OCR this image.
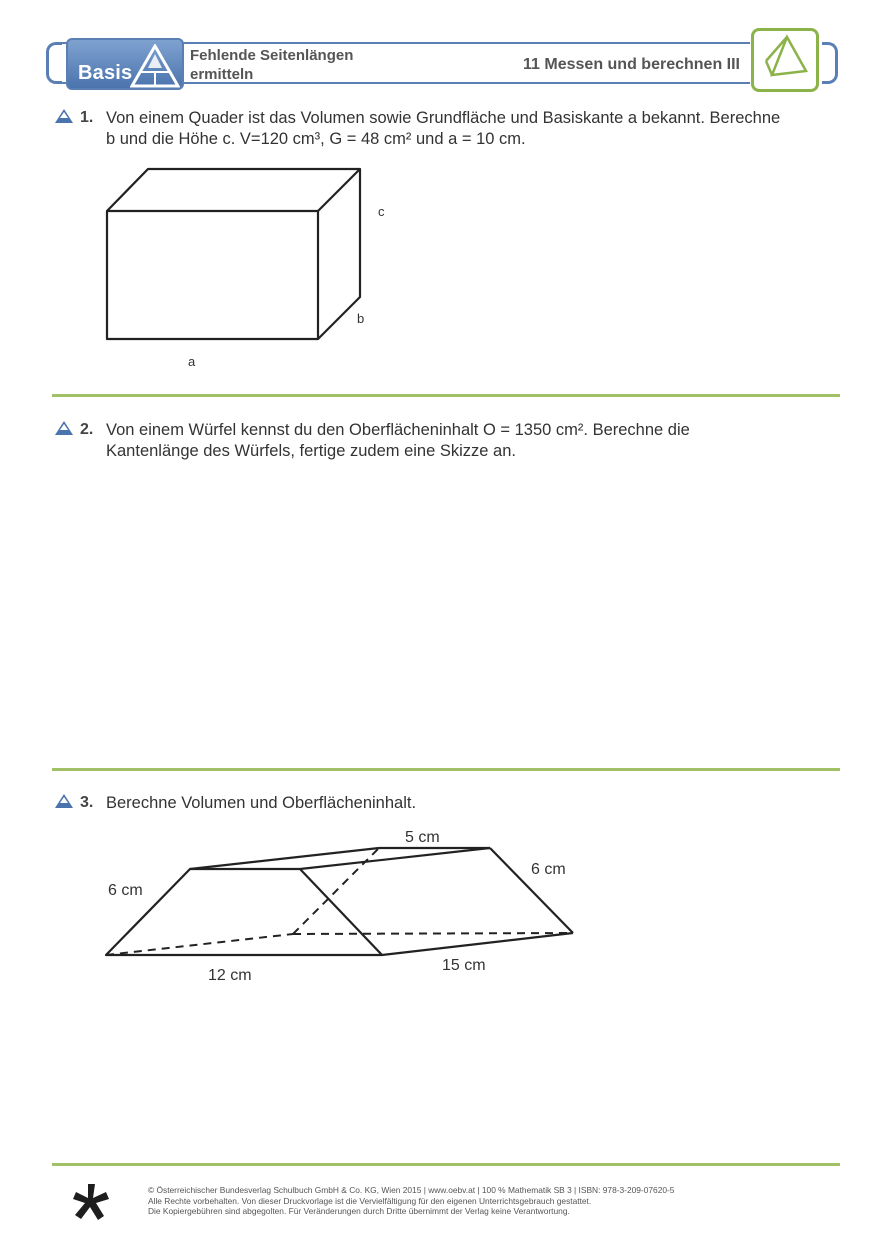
Basis
Fehlende Seitenlängen
ermitteln
11 Messen und berechnen III
1. Von einem Quader ist das Volumen sowie Grundfläche und Basiskante a bekannt. Berechne
b und die Höhe c. V=120 cm³, G = 48 cm² und a = 10 cm.
c
b
a
2. Von einem Würfel kennst du den Oberflächeninhalt O = 1350 cm². Berechne die
Kantenlänge des Würfels, fertige zudem eine Skizze an.
3. Berechne Volumen und Oberflächeninhalt.
5 cm
6 cm
6 cm
12 cm
15 cm
© Österreichischer Bundesverlag Schulbuch GmbH & Co. KG, Wien 2015 | www.oebv.at | 100 % Mathematik SB 3 | ISBN: 978-3-209-07620-5
Alle Rechte vorbehalten. Von dieser Druckvorlage ist die Vervielfältigung für den eigenen Unterrichtsgebrauch gestattet.
Die Kopiergebühren sind abgegolten. Für Veränderungen durch Dritte übernimmt der Verlag keine Verantwortung.
